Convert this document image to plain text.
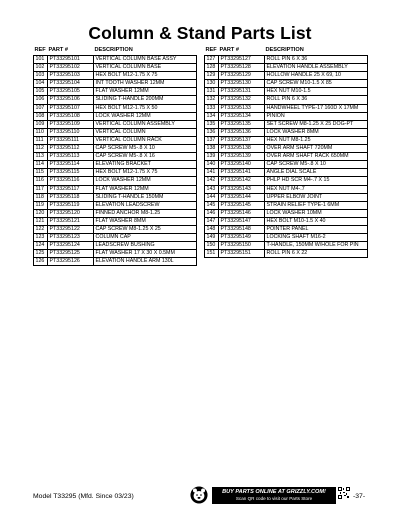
Column & Stand Parts List
REF	PART #	DESCRIPTION
101	PT33295101	VERTICAL COLUMN BASE ASSY
102	PT33295102	VERTICAL COLUMN BASE
103	PT33295103	HEX BOLT M12-1.75 X 75
104	PT33295104	INT TOOTH WASHER 12MM
105	PT33295105	FLAT WASHER 12MM
106	PT33295106	SLIDING T-HANDLE 200MM
107	PT33295107	HEX BOLT M12-1.75 X 50
108	PT33295108	LOCK WASHER 12MM
109	PT33295109	VERTICAL COLUMN ASSEMBLY
110	PT33295110	VERTICAL COLUMN
111	PT33295111	VERTICAL COLUMN RACK
112	PT33295112	CAP SCREW M5-.8 X 10
113	PT33295113	CAP SCREW M5-.8 X 16
114	PT33295114	ELEVATING BRACKET
115	PT33295115	HEX BOLT M12-1.75 X 75
116	PT33295116	LOCK WASHER 12MM
117	PT33295117	FLAT WASHER 12MM
118	PT33295118	SLIDING T-HANDLE 150MM
119	PT33295119	ELEVATION LEADSCREW
120	PT33295120	FINNED ANCHOR M8-1.25
121	PT33295121	FLAT WASHER 8MM
122	PT33295122	CAP SCREW M8-1.25 X 25
123	PT33295123	COLUMN CAP
124	PT33295124	LEADSCREW BUSHING
125	PT33295125	FLAT WASHER 17 X 30 X 0.5MM
126	PT33295126	ELEVATION HANDLE ARM 130L
REF	PART #	DESCRIPTION
127	PT33295127	ROLL PIN 6 X 36
128	PT33295128	ELEVATION HANDLE ASSEMBLY
129	PT33295129	HOLLOW HANDLE 25 X 69, 10
130	PT33295130	CAP SCREW M10-1.5 X 85
131	PT33295131	HEX NUT M10-1.5
132	PT33295132	ROLL PIN 6 X 36
133	PT33295133	HANDWHEEL TYPE-17 160D X 17MM
134	PT33295134	PINION
135	PT33295135	SET SCREW M8-1.25 X 25 DOG-PT
136	PT33295136	LOCK WASHER 8MM
137	PT33295137	HEX NUT M8-1.25
138	PT33295138	OVER ARM SHAFT 720MM
139	PT33295139	OVER ARM SHAFT RACK 650MM
140	PT33295140	CAP SCREW M5-.8 X 10
141	PT33295141	ANGLE DIAL SCALE
142	PT33295142	PHLP HD SCR M4-.7 X 15
143	PT33295143	HEX NUT M4-.7
144	PT33295144	UPPER ELBOW JOINT
145	PT33295145	STRAIN RELIEF TYPE-1 6MM
146	PT33295146	LOCK WASHER 10MM
147	PT33295147	HEX BOLT M10-1.5 X 40
148	PT33295148	POINTER PANEL
149	PT33295149	LOCKING SHAFT M16-2
150	PT33295150	T-HANDLE, 150MM W/HOLE FOR PIN
151	PT33295151	ROLL PIN 6 X 22
Model T33295 (Mfd. Since 03/23)
BUY PARTS ONLINE AT GRIZZLY.COM!
Scan QR code to visit our Parts Store	-37-
